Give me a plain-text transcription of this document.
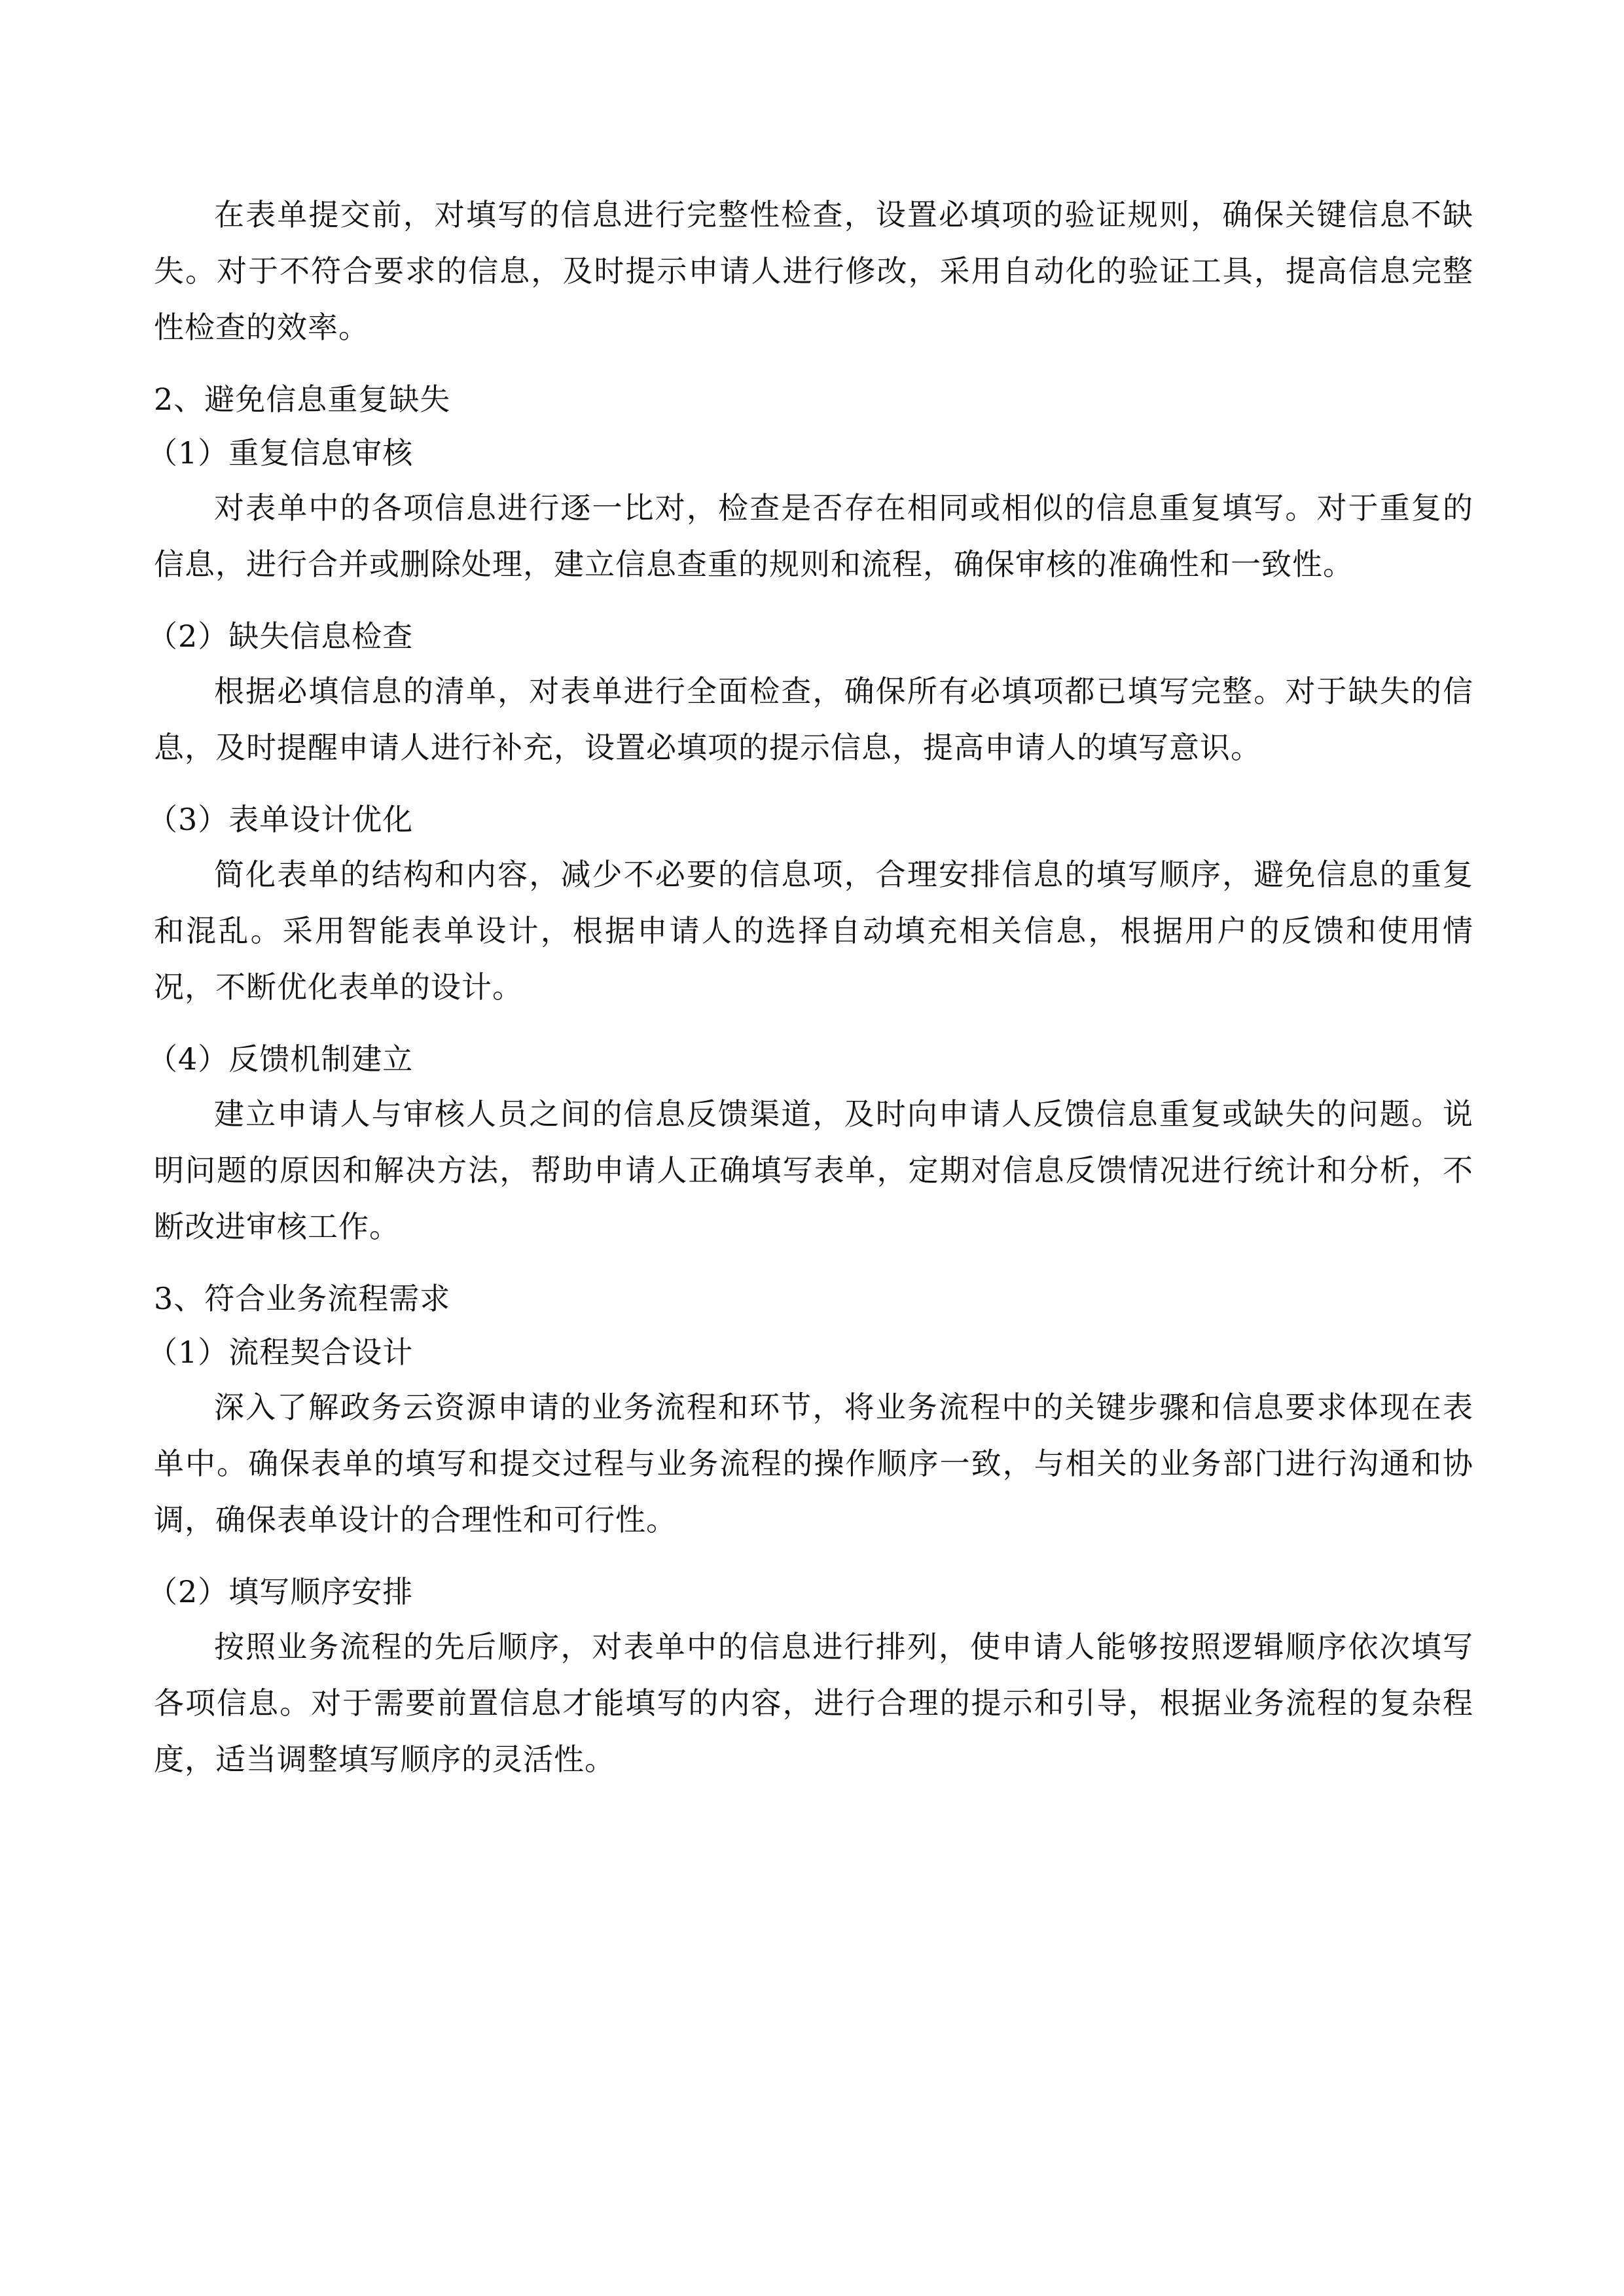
在表单提交前，对填写的信息进行完整性检查，设置必填项的验证规则，确保关键信息不缺失。对于不符合要求的信息，及时提示申请人进行修改，采用自动化的验证工具，提高信息完整性检查的效率。

2、避免信息重复缺失

（1）重复信息审核

对表单中的各项信息进行逐一比对，检查是否存在相同或相似的信息重复填写。对于重复的信息，进行合并或删除处理，建立信息查重的规则和流程，确保审核的准确性和一致性。

（2）缺失信息检查

根据必填信息的清单，对表单进行全面检查，确保所有必填项都已填写完整。对于缺失的信息，及时提醒申请人进行补充，设置必填项的提示信息，提高申请人的填写意识。

（3）表单设计优化

简化表单的结构和内容，减少不必要的信息项，合理安排信息的填写顺序，避免信息的重复和混乱。采用智能表单设计，根据申请人的选择自动填充相关信息，根据用户的反馈和使用情况，不断优化表单的设计。

（4）反馈机制建立

建立申请人与审核人员之间的信息反馈渠道，及时向申请人反馈信息重复或缺失的问题。说明问题的原因和解决方法，帮助申请人正确填写表单，定期对信息反馈情况进行统计和分析，不断改进审核工作。

3、符合业务流程需求

（1）流程契合设计

深入了解政务云资源申请的业务流程和环节，将业务流程中的关键步骤和信息要求体现在表单中。确保表单的填写和提交过程与业务流程的操作顺序一致，与相关的业务部门进行沟通和协调，确保表单设计的合理性和可行性。

（2）填写顺序安排

按照业务流程的先后顺序，对表单中的信息进行排列，使申请人能够按照逻辑顺序依次填写各项信息。对于需要前置信息才能填写的内容，进行合理的提示和引导，根据业务流程的复杂程度，适当调整填写顺序的灵活性。
